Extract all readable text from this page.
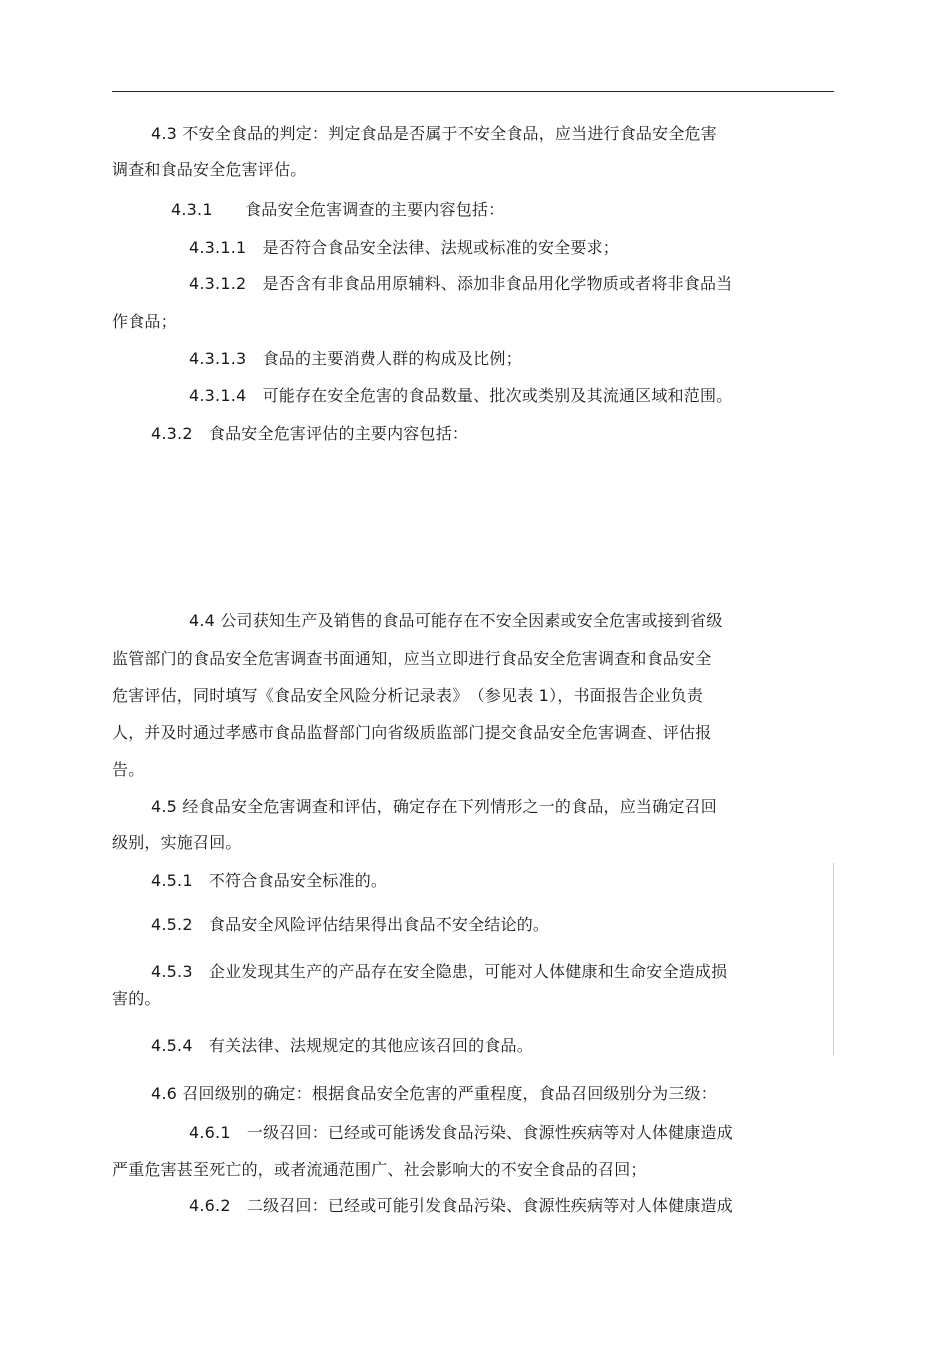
4.3 不安全食品的判定：判定食品是否属于不安全食品，应当进行食品安全危害
调查和食品安全危害评估。
4.3.1　　食品安全危害调查的主要内容包括：
4.3.1.1　是否符合食品安全法律、法规或标准的安全要求；
4.3.1.2　是否含有非食品用原辅料、添加非食品用化学物质或者将非食品当
作食品；
4.3.1.3　食品的主要消费人群的构成及比例；
4.3.1.4　可能存在安全危害的食品数量、批次或类别及其流通区域和范围。
4.3.2　食品安全危害评估的主要内容包括：
4.4 公司获知生产及销售的食品可能存在不安全因素或安全危害或接到省级
监管部门的食品安全危害调查书面通知，应当立即进行食品安全危害调查和食品安全
危害评估，同时填写《食品安全风险分析记录表》　（参见表 1），书面报告企业负责
人，并及时通过孝感市食品监督部门向省级质监部门提交食品安全危害调查、评估报
告。
4.5 经食品安全危害调查和评估，确定存在下列情形之一的食品，应当确定召回
级别，实施召回。
4.5.1　不符合食品安全标准的。
4.5.2　食品安全风险评估结果得出食品不安全结论的。
4.5.3　企业发现其生产的产品存在安全隐患，可能对人体健康和生命安全造成损
害的。
4.5.4　有关法律、法规规定的其他应该召回的食品。
4.6 召回级别的确定：根据食品安全危害的严重程度，食品召回级别分为三级：
4.6.1　一级召回：已经或可能诱发食品污染、食源性疾病等对人体健康造成
严重危害甚至死亡的，或者流通范围广、社会影响大的不安全食品的召回；
4.6.2　二级召回：已经或可能引发食品污染、食源性疾病等对人体健康造成
